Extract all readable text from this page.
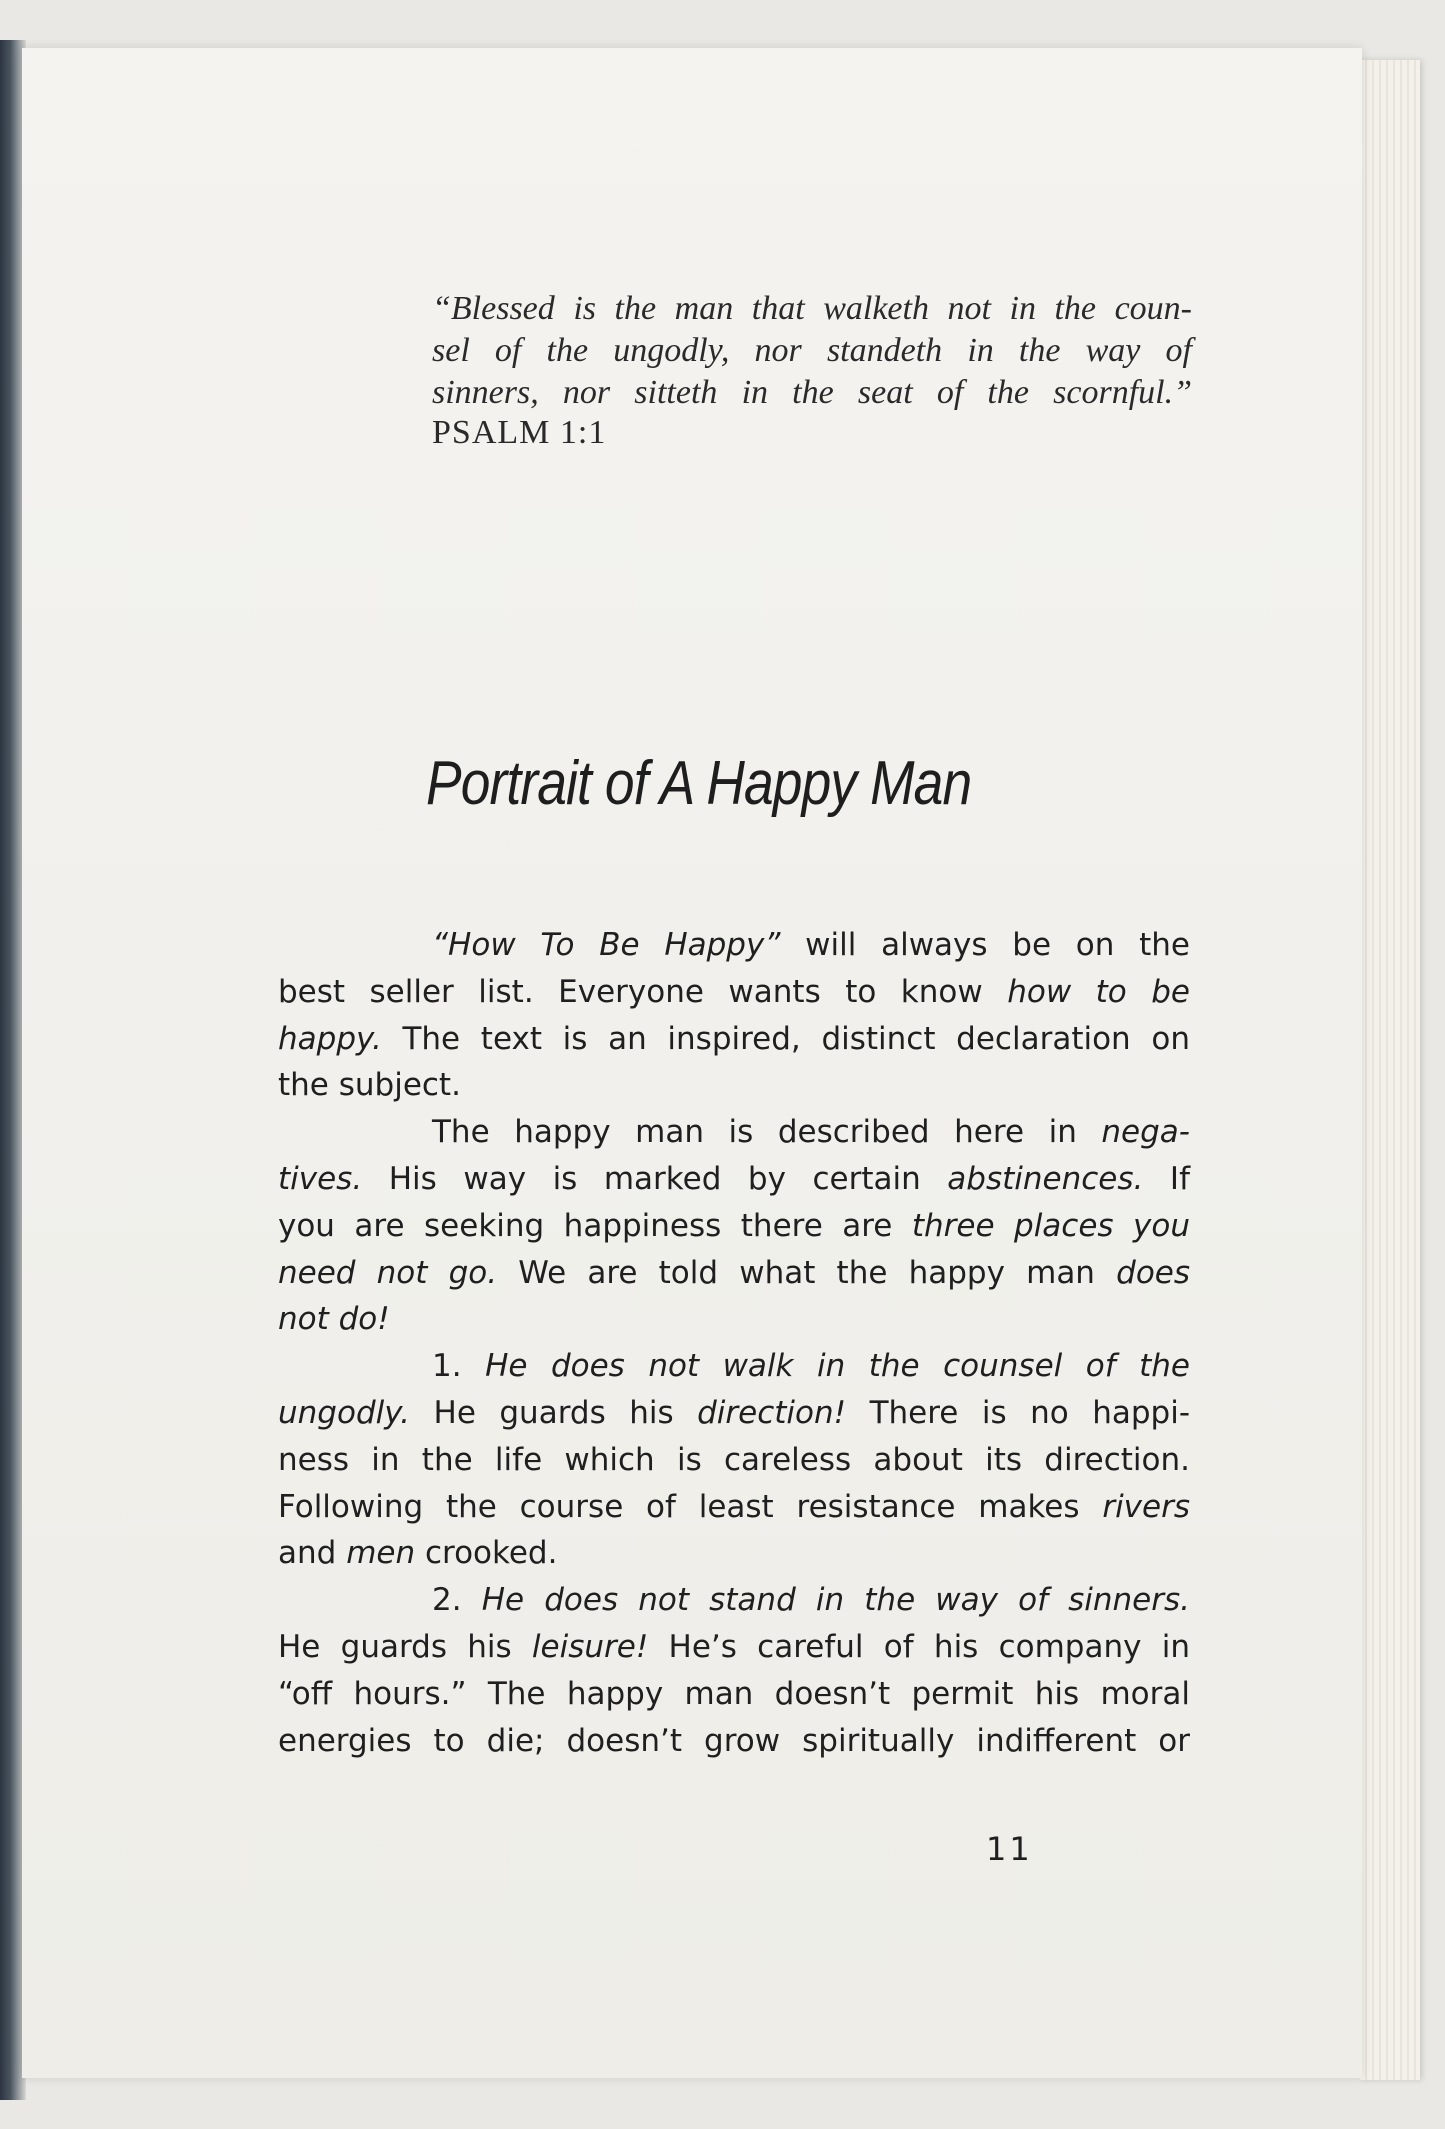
“Blessed is the man that walketh not in the coun-
sel of the ungodly, nor standeth in the way of
sinners, nor sitteth in the seat of the scornful.”
PSALM 1:1
Portrait of A Happy Man
“How To Be Happy” will always be on the
best seller list. Everyone wants to know how to be
happy. The text is an inspired, distinct declaration on
the subject.
The happy man is described here in nega-
tives. His way is marked by certain abstinences. If
you are seeking happiness there are three places you
need not go. We are told what the happy man does
not do!
1. He does not walk in the counsel of the
ungodly. He guards his direction! There is no happi-
ness in the life which is careless about its direction.
Following the course of least resistance makes rivers
and men crooked.
2. He does not stand in the way of sinners.
He guards his leisure! He’s careful of his company in
“off hours.” The happy man doesn’t permit his moral
energies to die; doesn’t grow spiritually indifferent or
11
